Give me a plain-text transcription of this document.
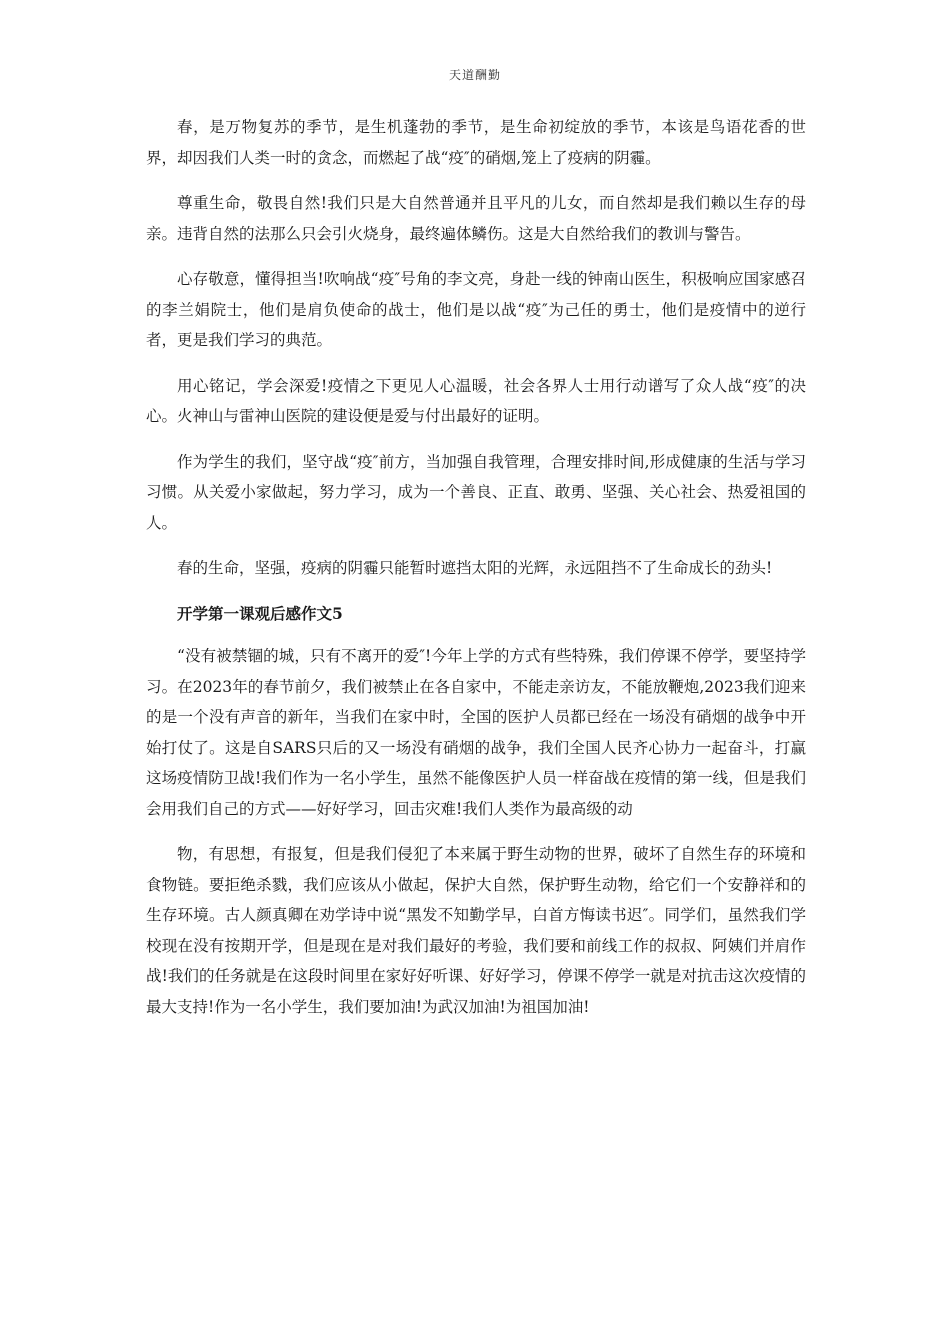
天道酬勤

春，是万物复苏的季节，是生机蓬勃的季节，是生命初绽放的季节，本该是鸟语花香的世界，却因我们人类一时的贪念，而燃起了战“疫″的硝烟,笼上了疫病的阴霾。

尊重生命，敬畏自然!我们只是大自然普通并且平凡的儿女，而自然却是我们赖以生存的母亲。违背自然的法那么只会引火烧身，最终遍体鳞伤。这是大自然给我们的教训与警告。

心存敬意，懂得担当!吹响战“疫″号角的李文亮，身赴一线的钟南山医生，积极响应国家感召的李兰娟院士，他们是肩负使命的战士，他们是以战“疫″为己任的勇士，他们是疫情中的逆行者，更是我们学习的典范。

用心铭记，学会深爱!疫情之下更见人心温暖，社会各界人士用行动谱写了众人战“疫″的决心。火神山与雷神山医院的建设便是爱与付出最好的证明。

作为学生的我们，坚守战“疫″前方，当加强自我管理，合理安排时间,形成健康的生活与学习习惯。从关爱小家做起，努力学习，成为一个善良、正直、敢勇、坚强、关心社会、热爱祖国的人。

春的生命，坚强，疫病的阴霾只能暂时遮挡太阳的光辉，永远阻挡不了生命成长的劲头!

开学第一课观后感作文5

“没有被禁锢的城，只有不离开的爱″!今年上学的方式有些特殊，我们停课不停学，要坚持学习。在2023年的春节前夕，我们被禁止在各自家中，不能走亲访友，不能放鞭炮,2023我们迎来的是一个没有声音的新年，当我们在家中时，全国的医护人员都已经在一场没有硝烟的战争中开始打仗了。这是自SARS只后的又一场没有硝烟的战争，我们全国人民齐心协力一起奋斗，打赢这场疫情防卫战!我们作为一名小学生，虽然不能像医护人员一样奋战在疫情的第一线，但是我们会用我们自己的方式——好好学习，回击灾难!我们人类作为最高级的动

物，有思想，有报复，但是我们侵犯了本来属于野生动物的世界，破坏了自然生存的环境和食物链。要拒绝杀戮，我们应该从小做起，保护大自然，保护野生动物，给它们一个安静祥和的生存环境。古人颜真卿在劝学诗中说“黑发不知勤学早，白首方悔读书迟″。同学们，虽然我们学校现在没有按期开学，但是现在是对我们最好的考验，我们要和前线工作的叔叔、阿姨们并肩作战!我们的任务就是在这段时间里在家好好听课、好好学习，停课不停学一就是对抗击这次疫情的最大支持!作为一名小学生，我们要加油!为武汉加油!为祖国加油!
